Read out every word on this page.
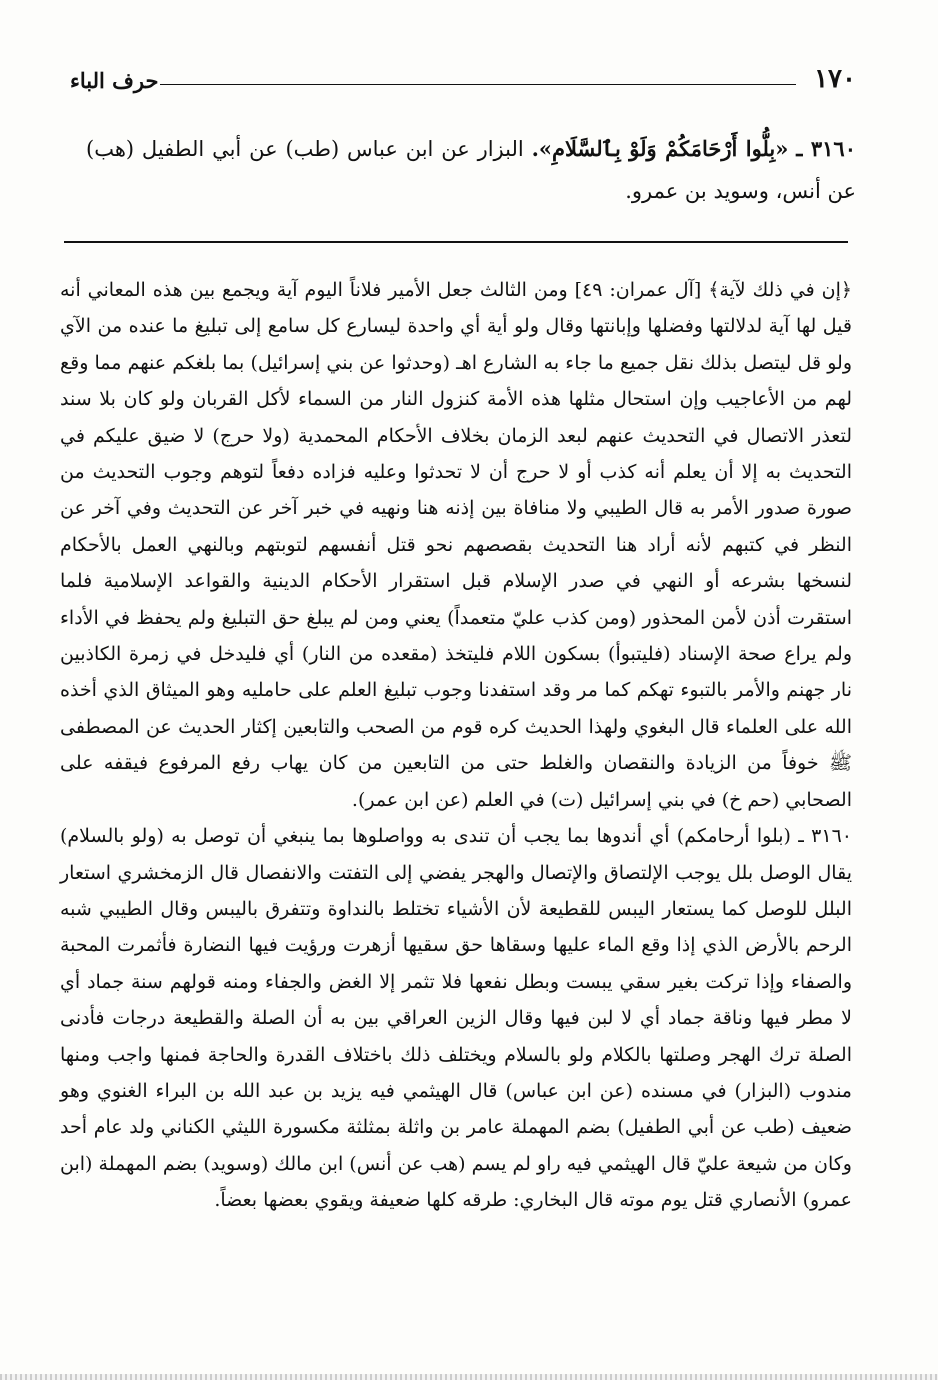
١٧٠
حرف الباء
٣١٦٠ ـ «بِلُّوا أَرْحَامَكُمْ وَلَوْ بِٱلسَّلَامِ». البزار عن ابن عباس (طب) عن أبي الطفيل (هب) عن أنس، وسويد بن عمرو.

﴿إن في ذلك لآية﴾ [آل عمران: ٤٩] ومن الثالث جعل الأمير فلاناً اليوم آية ويجمع بين هذه المعاني أنه قيل لها آية لدلالتها وفضلها وإبانتها وقال ولو أية أي واحدة ليسارع كل سامع إلى تبليغ ما عنده من الآي ولو قل ليتصل بذلك نقل جميع ما جاء به الشارع اهـ (وحدثوا عن بني إسرائيل) بما بلغكم عنهم مما وقع لهم من الأعاجيب وإن استحال مثلها هذه الأمة كنزول النار من السماء لأكل القربان ولو كان بلا سند لتعذر الاتصال في التحديث عنهم لبعد الزمان بخلاف الأحكام المحمدية (ولا حرج) لا ضيق عليكم في التحديث به إلا أن يعلم أنه كذب أو لا حرج أن لا تحدثوا وعليه فزاده دفعاً لتوهم وجوب التحديث من صورة صدور الأمر به قال الطيبي ولا منافاة بين إذنه هنا ونهيه في خبر آخر عن التحديث وفي آخر عن النظر في كتبهم لأنه أراد هنا التحديث بقصصهم نحو قتل أنفسهم لتوبتهم وبالنهي العمل بالأحكام لنسخها بشرعه أو النهي في صدر الإسلام قبل استقرار الأحكام الدينية والقواعد الإسلامية فلما استقرت أذن لأمن المحذور (ومن كذب عليّ متعمداً) يعني ومن لم يبلغ حق التبليغ ولم يحفظ في الأداء ولم يراع صحة الإسناد (فليتبوأ) بسكون اللام فليتخذ (مقعده من النار) أي فليدخل في زمرة الكاذبين نار جهنم والأمر بالتبوء تهكم كما مر وقد استفدنا وجوب تبليغ العلم على حامليه وهو الميثاق الذي أخذه الله على العلماء قال البغوي ولهذا الحديث كره قوم من الصحب والتابعين إكثار الحديث عن المصطفى ﷺ خوفاً من الزيادة والنقصان والغلط حتى من التابعين من كان يهاب رفع المرفوع فيقفه على الصحابي (حم خ) في بني إسرائيل (ت) في العلم (عن ابن عمر).

٣١٦٠ ـ (بلوا أرحامكم) أي أندوها بما يجب أن تندى به وواصلوها بما ينبغي أن توصل به (ولو بالسلام) يقال الوصل بلل يوجب الإلتصاق والإتصال والهجر يفضي إلى التفتت والانفصال قال الزمخشري استعار البلل للوصل كما يستعار اليبس للقطيعة لأن الأشياء تختلط بالنداوة وتتفرق باليبس وقال الطيبي شبه الرحم بالأرض الذي إذا وقع الماء عليها وسقاها حق سقيها أزهرت ورؤيت فيها النضارة فأثمرت المحبة والصفاء وإذا تركت بغير سقي يبست وبطل نفعها فلا تثمر إلا الغض والجفاء ومنه قولهم سنة جماد أي لا مطر فيها وناقة جماد أي لا لبن فيها وقال الزين العراقي بين به أن الصلة والقطيعة درجات فأدنى الصلة ترك الهجر وصلتها بالكلام ولو بالسلام ويختلف ذلك باختلاف القدرة والحاجة فمنها واجب ومنها مندوب (البزار) في مسنده (عن ابن عباس) قال الهيثمي فيه يزيد بن عبد الله بن البراء الغنوي وهو ضعيف (طب عن أبي الطفيل) بضم المهملة عامر بن واثلة بمثلثة مكسورة الليثي الكناني ولد عام أحد وكان من شيعة عليّ قال الهيثمي فيه راو لم يسم (هب عن أنس) ابن مالك (وسويد) بضم المهملة (ابن عمرو) الأنصاري قتل يوم موته قال البخاري: طرقه كلها ضعيفة ويقوي بعضها بعضاً.
